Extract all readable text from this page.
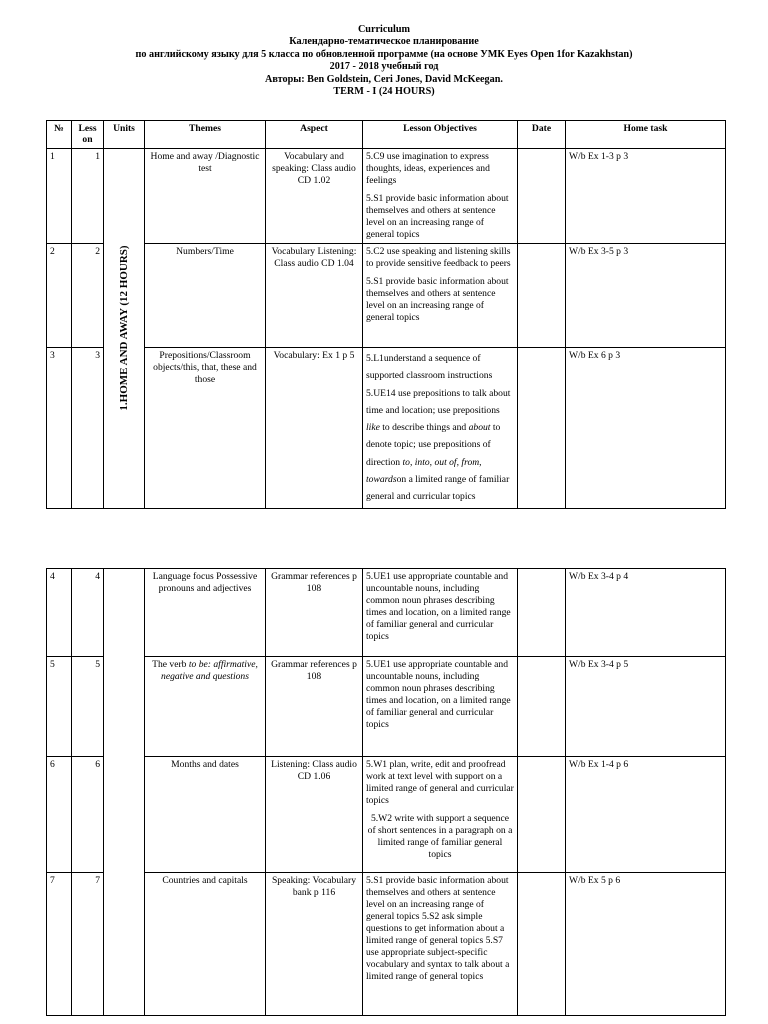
Curriculum
Календарно-тематическое планирование
по английскому языку для 5 класса по обновленной программе (на основе УМК Eyes Open 1for Kazakhstan)
2017 - 2018 учебный год
Авторы: Ben Goldstein, Ceri Jones, David McKeegan.
TERM - I (24 HOURS)
№	Less on	Units	Themes	Aspect	Lesson Objectives	Date	Home task
1	1	1.HOME AND AWAY (12 HOURS)	Home and away /Diagnostic test	Vocabulary and speaking: Class audio CD 1.02	5.C9 use imagination to express thoughts, ideas, experiences and feelings

5.S1 provide basic information about themselves and others at sentence level on an increasing range of general topics		W/b Ex 1-3 p 3
2	2		Numbers/Time	Vocabulary Listening: Class audio CD 1.04	5.C2 use speaking and listening skills to provide sensitive feedback to peers

5.S1 provide basic information about themselves and others at sentence level on an increasing range of general topics		W/b Ex 3-5 p 3
3	3		Prepositions/Classroom objects/this, that, these and those	Vocabulary: Ex 1 p 5	5.L1understand a sequence of supported classroom instructions 5.UE14 use prepositions to talk about time and location; use prepositions like to describe things and about to denote topic; use prepositions of direction to, into, out of, from, towardson a limited range of familiar general and curricular topics		W/b Ex 6 p 3
4	4		Language focus Possessive pronouns and adjectives	Grammar references p 108	5.UE1 use appropriate countable and uncountable nouns, including common noun phrases describing times and location, on a limited range of familiar general and curricular topics		W/b Ex 3-4 p 4
5	5		The verb to be: affirmative, negative and questions	Grammar references p 108	5.UE1 use appropriate countable and uncountable nouns, including common noun phrases describing times and location, on a limited range of familiar general and curricular topics		W/b Ex 3-4 p 5
6	6		Months and dates	Listening: Class audio CD 1.06	5.W1 plan, write, edit and proofread work at text level with support on a limited range of general and curricular topics

5.W2 write with support a sequence of short sentences in a paragraph on a limited range of familiar general topics		W/b Ex 1-4 p 6
7	7		Countries and capitals	Speaking: Vocabulary bank p 116	5.S1 provide basic information about themselves and others at sentence level on an increasing range of general topics 5.S2 ask simple questions to get information about a limited range of general topics 5.S7 use appropriate subject-specific vocabulary and syntax to talk about a limited range of general topics		W/b Ex 5 p 6
